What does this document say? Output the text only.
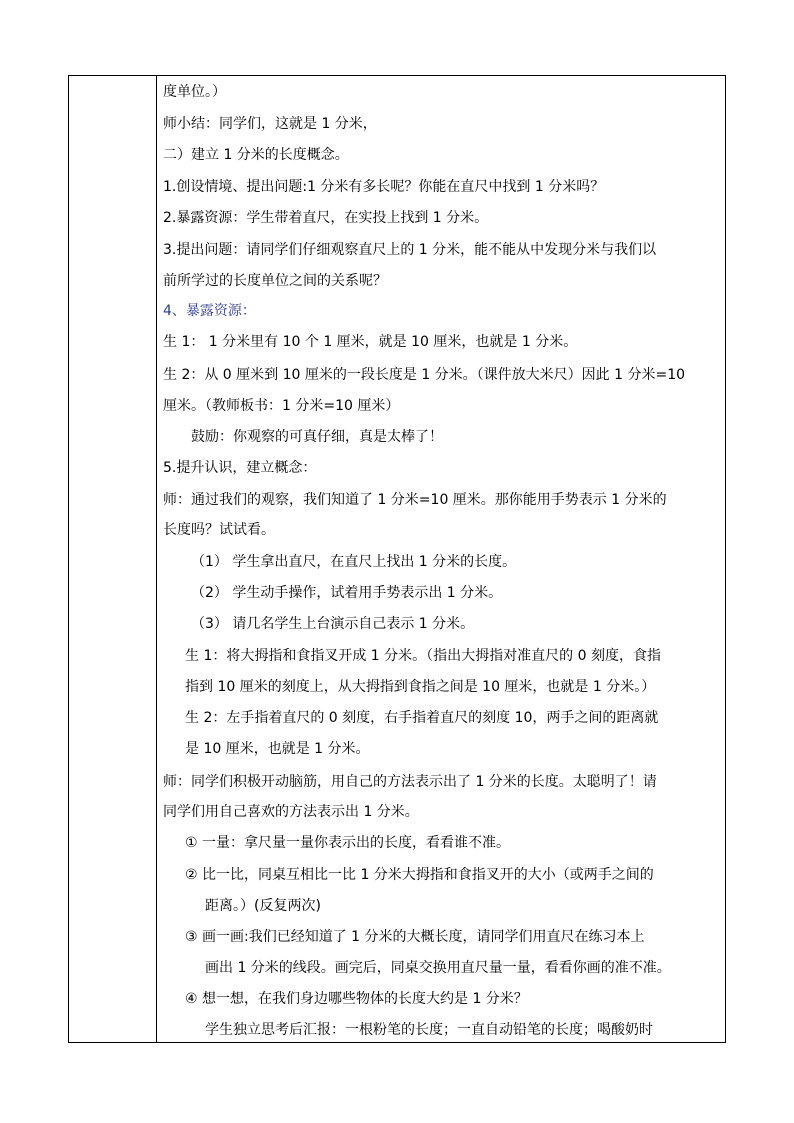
度单位。）
师小结：同学们，这就是 1 分米，
二）建立 1 分米的长度概念。
1.创设情境、提出问题:1 分米有多长呢？你能在直尺中找到 1 分米吗？
2.暴露资源：学生带着直尺，在实投上找到 1 分米。
3.提出问题：请同学们仔细观察直尺上的 1 分米，能不能从中发现分米与我们以
前所学过的长度单位之间的关系呢？
4、暴露资源：
生 1： 1 分米里有 10 个 1 厘米，就是 10 厘米，也就是 1 分米。
生 2：从 0 厘米到 10 厘米的一段长度是 1 分米。（课件放大米尺）因此 1 分米=10
厘米。（教师板书：1 分米=10 厘米）
鼓励：你观察的可真仔细，真是太棒了！
5.提升认识，建立概念：
师：通过我们的观察，我们知道了 1 分米=10 厘米。那你能用手势表示 1 分米的
长度吗？试试看。
（1） 学生拿出直尺，在直尺上找出 1 分米的长度。
（2） 学生动手操作，试着用手势表示出 1 分米。
（3） 请几名学生上台演示自己表示 1 分米。
生 1：将大拇指和食指叉开成 1 分米。（指出大拇指对准直尺的 0 刻度，食指
指到 10 厘米的刻度上，从大拇指到食指之间是 10 厘米，也就是 1 分米。）
生 2：左手指着直尺的 0 刻度，右手指着直尺的刻度 10，两手之间的距离就
是 10 厘米，也就是 1 分米。
师：同学们积极开动脑筋，用自己的方法表示出了 1 分米的长度。太聪明了！请
同学们用自己喜欢的方法表示出 1 分米。
① 一量：拿尺量一量你表示出的长度，看看谁不准。
② 比一比，同桌互相比一比 1 分米大拇指和食指叉开的大小（或两手之间的
距离。）(反复两次)
③ 画一画:我们已经知道了 1 分米的大概长度，请同学们用直尺在练习本上
画出 1 分米的线段。画完后，同桌交换用直尺量一量，看看你画的准不准。
④ 想一想，在我们身边哪些物体的长度大约是 1 分米？
学生独立思考后汇报：一根粉笔的长度；一直自动铅笔的长度；喝酸奶时
